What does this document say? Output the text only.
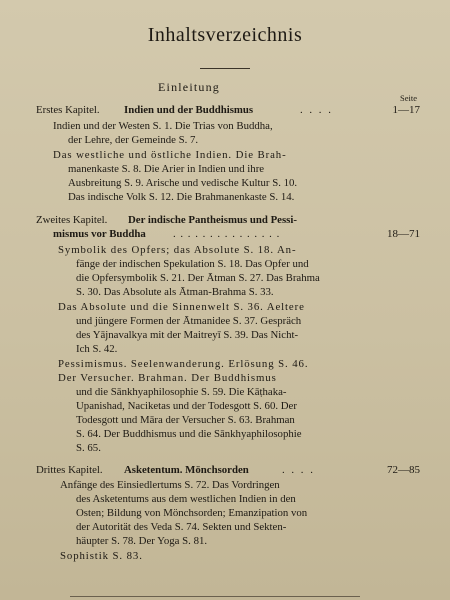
Inhaltsverzeichnis
Einleitung
Seite
Erstes Kapitel. Indien und der Buddhismus	. . . .	1—17
Indien und der Westen S. 1. Die Trias von Buddha,
der Lehre, der Gemeinde S. 7.
Das westliche und östliche Indien. Die Brah-
manenkaste S. 8. Die Arier in Indien und ihre
Ausbreitung S. 9. Arische und vedische Kultur S. 10.
Das indische Volk S. 12. Die Brahmanenkaste S. 14.
Zweites Kapitel. Der indische Pantheismus und Pessi-
mismus vor Buddha	. . . . . . . . . . . . . . .	18—71
Symbolik des Opfers; das Absolute S. 18. An-
fänge der indischen Spekulation S. 18. Das Opfer und
die Opfersymbolik S. 21. Der Ātman S. 27. Das Brahma
S. 30. Das Absolute als Ātman-Brahma S. 33.
Das Absolute und die Sinnenwelt S. 36. Aeltere
und jüngere Formen der Ātmanidee S. 37. Gespräch
des Yājnavalkya mit der Maitreyī S. 39. Das Nicht-
Ich S. 42.
Pessimismus. Seelenwanderung. Erlösung S. 46.
Der Versucher. Brahman. Der Buddhismus
und die Sānkhyaphilosophie S. 59. Die Kāṭhaka-
Upanishad, Naciketas und der Todesgott S. 60. Der
Todesgott und Māra der Versucher S. 63. Brahman
S. 64. Der Buddhismus und die Sānkhyaphilosophie
S. 65.
Drittes Kapitel. Asketentum. Mönchsorden	. . . .	72—85
Anfänge des Einsiedlertums S. 72. Das Vordringen
des Asketentums aus dem westlichen Indien in den
Osten; Bildung von Mönchsorden; Emanzipation von
der Autorität des Veda S. 74. Sekten und Sekten-
häupter S. 78. Der Yoga S. 81.
Sophistik S. 83.
